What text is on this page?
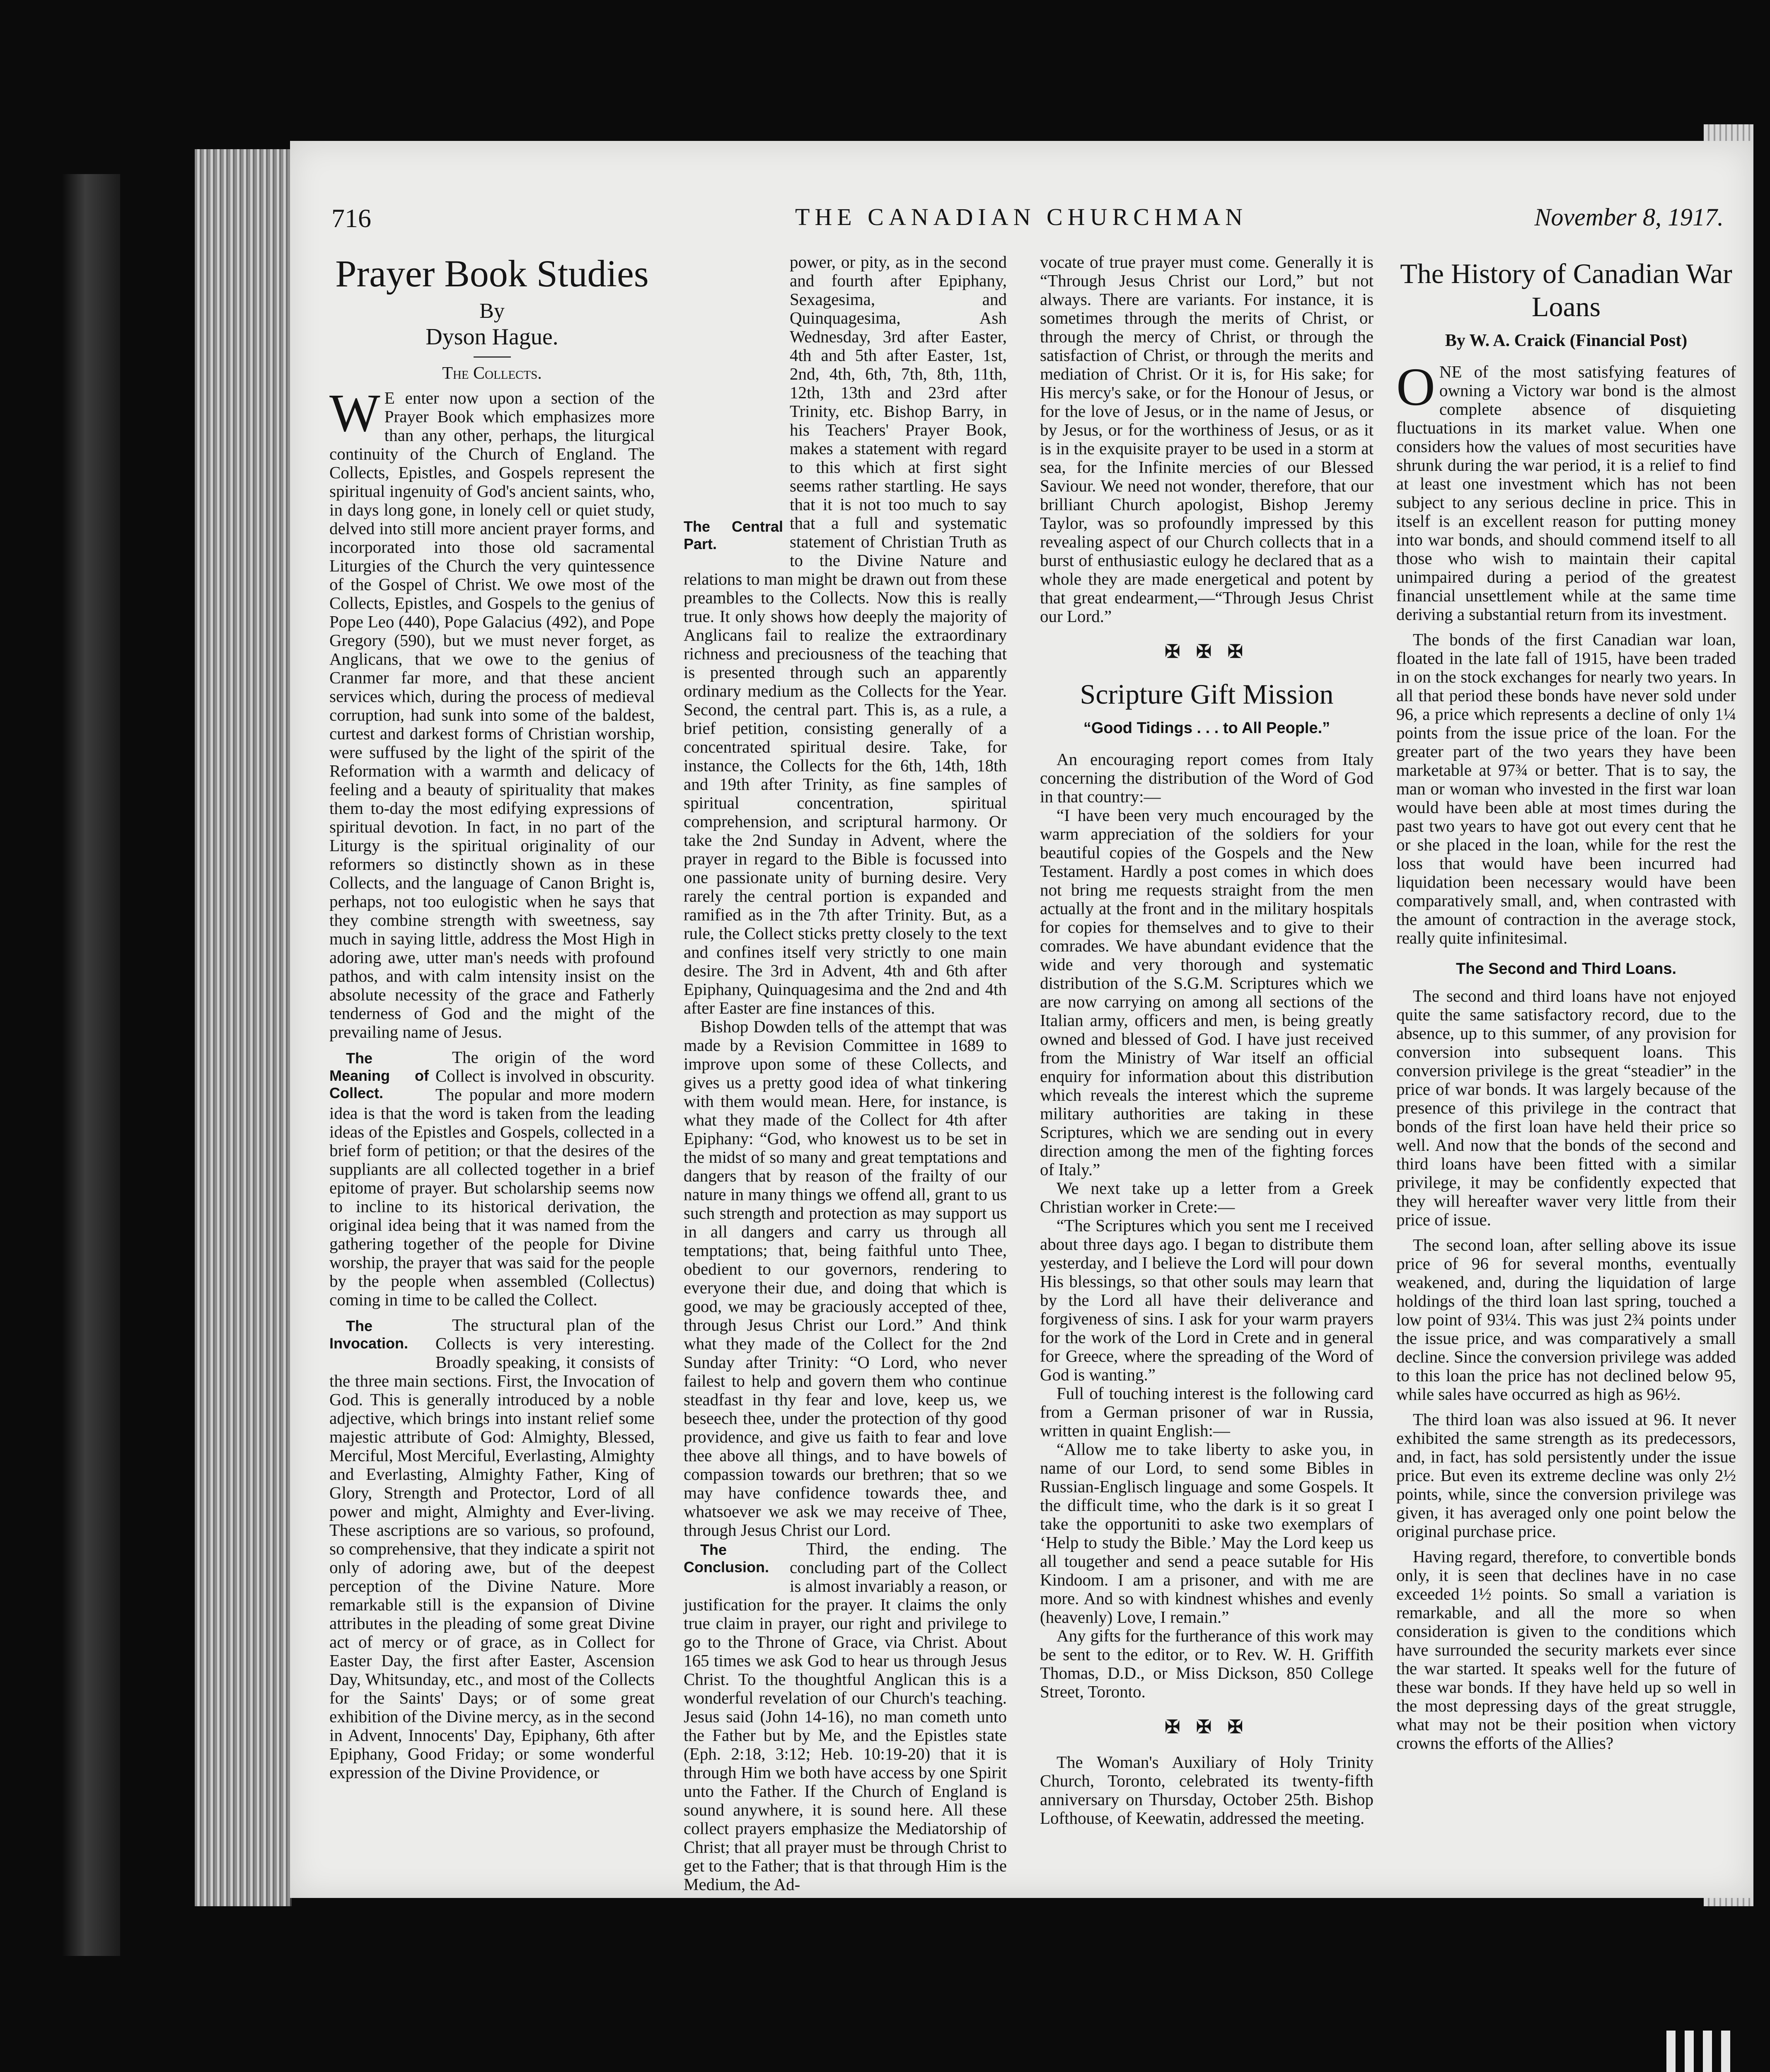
716	THE CANADIAN CHURCHMAN	November 8, 1917.
Prayer Book Studies
By
Dyson Hague.
The Collects.

W E enter now upon a section of the Prayer Book which emphasizes more than any other, perhaps, the liturgical continuity of the Church of England. The Collects, Epistles, and Gospels represent the spiritual ingenuity of God's ancient saints, who, in days long gone, in lonely cell or quiet study, delved into still more ancient prayer forms, and incorporated into those old sacramental Liturgies of the Church the very quintessence of the Gospel of Christ. We owe most of the Collects, Epistles, and Gospels to the genius of Pope Leo (440), Pope Galacius (492), and Pope Gregory (590), but we must never forget, as Anglicans, that we owe to the genius of Cranmer far more, and that these ancient services which, during the process of medieval corruption, had sunk into some of the baldest, curtest and darkest forms of Christian worship, were suffused by the light of the spirit of the Reformation with a warmth and delicacy of feeling and a beauty of spirituality that makes them to-day the most edifying expressions of spiritual devotion. In fact, in no part of the Liturgy is the spiritual originality of our reformers so distinctly shown as in these Collects, and the language of Canon Bright is, perhaps, not too eulogistic when he says that they combine strength with sweetness, say much in saying little, address the Most High in adoring awe, utter man's needs with profound pathos, and with calm intensity insist on the absolute necessity of the grace and Fatherly tenderness of God and the might of the prevailing name of Jesus.

The Meaning of Collect.
The origin of the word Collect is involved in obscurity. The popular and more modern idea is that the word is taken from the leading ideas of the Epistles and Gospels, collected in a brief form of petition; or that the desires of the suppliants are all collected together in a brief epitome of prayer. But scholarship seems now to incline to its historical derivation, the original idea being that it was named from the gathering together of the people for Divine worship, the prayer that was said for the people by the people when assembled (Collectus) coming in time to be called the Collect.

The Invocation.
The structural plan of the Collects is very interesting. Broadly speaking, it consists of the three main sections. First, the Invocation of God. This is generally introduced by a noble adjective, which brings into instant relief some majestic attribute of God: Almighty, Blessed, Merciful, Most Merciful, Everlasting, Almighty and Everlasting, Almighty Father, King of Glory, Strength and Protector, Lord of all power and might, Almighty and Ever-living. These ascriptions are so various, so profound, so comprehensive, that they indicate a spirit not only of adoring awe, but of the deepest perception of the Divine Nature. More remarkable still is the expansion of Divine attributes in the pleading of some great Divine act of mercy or of grace, as in Collect for Easter Day, the first after Easter, Ascension Day, Whitsunday, etc., and most of the Collects for the Saints' Days; or of some great exhibition of the Divine mercy, as in the second in Advent, Innocents' Day, Epiphany, 6th after Epiphany, Good Friday; or some wonderful expression of the Divine Providence, or

The Central Part.
power, or pity, as in the second and fourth after Epiphany, Sexagesima, and Quinquagesima, Ash Wednesday, 3rd after Easter, 4th and 5th after Easter, 1st, 2nd, 4th, 6th, 7th, 8th, 11th, 12th, 13th and 23rd after Trinity, etc. Bishop Barry, in his Teachers' Prayer Book, makes a statement with regard to this which at first sight seems rather startling. He says that it is not too much to say that a full and systematic statement of Christian Truth as to the Divine Nature and relations to man might be drawn out from these preambles to the Collects. Now this is really true. It only shows how deeply the majority of Anglicans fail to realize the extraordinary richness and preciousness of the teaching that is presented through such an apparently ordinary medium as the Collects for the Year. Second, the central part. This is, as a rule, a brief petition, consisting generally of a concentrated spiritual desire. Take, for instance, the Collects for the 6th, 14th, 18th and 19th after Trinity, as fine samples of spiritual concentration, spiritual comprehension, and scriptural harmony. Or take the 2nd Sunday in Advent, where the prayer in regard to the Bible is focussed into one passionate unity of burning desire. Very rarely the central portion is expanded and ramified as in the 7th after Trinity. But, as a rule, the Collect sticks pretty closely to the text and confines itself very strictly to one main desire. The 3rd in Advent, 4th and 6th after Epiphany, Quinquagesima and the 2nd and 4th after Easter are fine instances of this.

Bishop Dowden tells of the attempt that was made by a Revision Committee in 1689 to improve upon some of these Collects, and gives us a pretty good idea of what tinkering with them would mean. Here, for instance, is what they made of the Collect for 4th after Epiphany: “God, who knowest us to be set in the midst of so many and great temptations and dangers that by reason of the frailty of our nature in many things we offend all, grant to us such strength and protection as may support us in all dangers and carry us through all temptations; that, being faithful unto Thee, obedient to our governors, rendering to everyone their due, and doing that which is good, we may be graciously accepted of thee, through Jesus Christ our Lord.” And think what they made of the Collect for the 2nd Sunday after Trinity: “O Lord, who never failest to help and govern them who continue steadfast in thy fear and love, keep us, we beseech thee, under the protection of thy good providence, and give us faith to fear and love thee above all things, and to have bowels of compassion towards our brethren; that so we may have confidence towards thee, and whatsoever we ask we may receive of Thee, through Jesus Christ our Lord.

The Conclusion.
Third, the ending. The concluding part of the Collect is almost invariably a reason, or justification for the prayer. It claims the only true claim in prayer, our right and privilege to go to the Throne of Grace, via Christ. About 165 times we ask God to hear us through Jesus Christ. To the thoughtful Anglican this is a wonderful revelation of our Church's teaching. Jesus said (John 14-16), no man cometh unto the Father but by Me, and the Epistles state (Eph. 2:18, 3:12; Heb. 10:19-20) that it is through Him we both have access by one Spirit unto the Father. If the Church of England is sound anywhere, it is sound here. All these collect prayers emphasize the Mediatorship of Christ; that all prayer must be through Christ to get to the Father; that is that through Him is the Medium, the Ad-

vocate of true prayer must come. Generally it is “Through Jesus Christ our Lord,” but not always. There are variants. For instance, it is sometimes through the merits of Christ, or through the mercy of Christ, or through the satisfaction of Christ, or through the merits and mediation of Christ. Or it is, for His sake; for His mercy's sake, or for the Honour of Jesus, or for the love of Jesus, or in the name of Jesus, or by Jesus, or for the worthiness of Jesus, or as it is in the exquisite prayer to be used in a storm at sea, for the Infinite mercies of our Blessed Saviour. We need not wonder, therefore, that our brilliant Church apologist, Bishop Jeremy Taylor, was so profoundly impressed by this revealing aspect of our Church collects that in a burst of enthusiastic eulogy he declared that as a whole they are made energetical and potent by that great endearment,—“Through Jesus Christ our Lord.”

✠ ✠ ✠
Scripture Gift Mission
“Good Tidings . . . to All People.”

An encouraging report comes from Italy concerning the distribution of the Word of God in that country:—

“I have been very much encouraged by the warm appreciation of the soldiers for your beautiful copies of the Gospels and the New Testament. Hardly a post comes in which does not bring me requests straight from the men actually at the front and in the military hospitals for copies for themselves and to give to their comrades. We have abundant evidence that the wide and very thorough and systematic distribution of the S.G.M. Scriptures which we are now carrying on among all sections of the Italian army, officers and men, is being greatly owned and blessed of God. I have just received from the Ministry of War itself an official enquiry for information about this distribution which reveals the interest which the supreme military authorities are taking in these Scriptures, which we are sending out in every direction among the men of the fighting forces of Italy.”

We next take up a letter from a Greek Christian worker in Crete:—

“The Scriptures which you sent me I received about three days ago. I began to distribute them yesterday, and I believe the Lord will pour down His blessings, so that other souls may learn that by the Lord all have their deliverance and forgiveness of sins. I ask for your warm prayers for the work of the Lord in Crete and in general for Greece, where the spreading of the Word of God is wanting.”

Full of touching interest is the following card from a German prisoner of war in Russia, written in quaint English:—

“Allow me to take liberty to askе you, in name of our Lord, to send some Bibles in Russian-Englisch linguage and some Gospels. It the difficult time, who the dark is it so great I take the opportuniti to aske two exemplars of ‘Help to study the Bible.’ May the Lord keep us all tougether and send a peace sutable for His Kindoom. I am a prisoner, and with me are more. And so with kindnest whishes and evenly (heavenly) Love, I remain.”

Any gifts for the furtherance of this work may be sent to the editor, or to Rev. W. H. Griffith Thomas, D.D., or Miss Dickson, 850 College Street, Toronto.

✠ ✠ ✠

The Woman's Auxiliary of Holy Trinity Church, Toronto, celebrated its twenty-fifth anniversary on Thursday, October 25th. Bishop Lofthouse, of Keewatin, addressed the meeting.

The History of Canadian War Loans
By W. A. Craick (Financial Post)

ONE of the most satisfying features of owning a Victory war bond is the almost complete absence of disquieting fluctuations in its market value. When one considers how the values of most securities have shrunk during the war period, it is a relief to find at least one investment which has not been subject to any serious decline in price. This in itself is an excellent reason for putting money into war bonds, and should commend itself to all those who wish to maintain their capital unimpaired during a period of the greatest financial unsettlement while at the same time deriving a substantial return from its investment.

The bonds of the first Canadian war loan, floated in the late fall of 1915, have been traded in on the stock exchanges for nearly two years. In all that period these bonds have never sold under 96, a price which represents a decline of only 1¼ points from the issue price of the loan. For the greater part of the two years they have been marketable at 97¾ or better. That is to say, the man or woman who invested in the first war loan would have been able at most times during the past two years to have got out every cent that he or she placed in the loan, while for the rest the loss that would have been incurred had liquidation been necessary would have been comparatively small, and, when contrasted with the amount of contraction in the average stock, really quite infinitesimal.

The Second and Third Loans.

The second and third loans have not enjoyed quite the same satisfactory record, due to the absence, up to this summer, of any provision for conversion into subsequent loans. This conversion privilege is the great “steadier” in the price of war bonds. It was largely because of the presence of this privilege in the contract that bonds of the first loan have held their price so well. And now that the bonds of the second and third loans have been fitted with a similar privilege, it may be confidently expected that they will hereafter waver very little from their price of issue.

The second loan, after selling above its issue price of 96 for several months, eventually weakened, and, during the liquidation of large holdings of the third loan last spring, touched a low point of 93¼. This was just 2¾ points under the issue price, and was comparatively a small decline. Since the conversion privilege was added to this loan the price has not declined below 95, while sales have occurred as high as 96½.

The third loan was also issued at 96. It never exhibited the same strength as its predecessors, and, in fact, has sold persistently under the issue price. But even its extreme decline was only 2½ points, while, since the conversion privilege was given, it has averaged only one point below the original purchase price.

Having regard, therefore, to convertible bonds only, it is seen that declines have in no case exceeded 1½ points. So small a variation is remarkable, and all the more so when consideration is given to the conditions which have surrounded the security markets ever since the war started. It speaks well for the future of these war bonds. If they have held up so well in the most depressing days of the great struggle, what may not be their position when victory crowns the efforts of the Allies?
